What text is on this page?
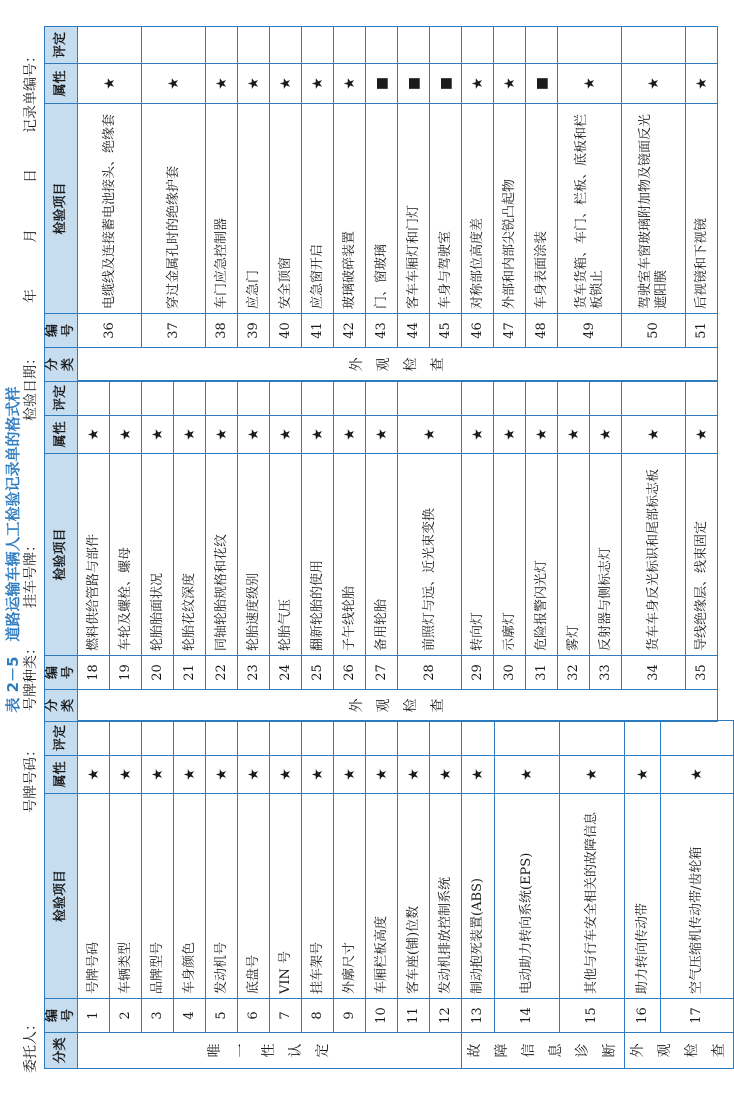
表 2－5　道路运输车辆人工检验记录单的格式样
委托人：
号牌号码：
号牌种类：
挂车号牌：
检验日期：
年
月
日
记录单编号：
分类	编号	检验项目	属性	评定
唯一性认定	1	号牌号码	★	
	2	车辆类型	★	
	3	品牌型号	★	
	4	车身颜色	★	
	5	发动机号	★	
	6	底盘号	★	
	7	VIN 号	★	
	8	挂车架号	★	
	9	外廓尺寸	★	
	10	车厢栏板高度	★	
	11	客车座(铺)位数	★	
	12	发动机排放控制系统	★	
故障信息诊断	13	制动抱死装置(ABS)	★	
	14	电动助力转向系统(EPS)	★	
	15	其他与行车安全相关的故障信息	★	
外观检查	16	助力转向传动带	★	
	17	空气压缩机传动带/齿轮箱	★	
分类	编号	检验项目	属性	评定
外观检查	18	燃料供给管路与部件	★	
	19	车轮及螺栓、螺母	★	
	20	轮胎胎面状况	★	
	21	轮胎花纹深度	★	
	22	同轴轮胎规格和花纹	★	
	23	轮胎速度级别	★	
	24	轮胎气压	★	
	25	翻新轮胎的使用	★	
	26	子午线轮胎	★	
	27	备用轮胎	★	
	28	前照灯与远、近光束变换	★	
	29	转向灯	★	
	30	示廓灯	★	
	31	危险报警闪光灯	★	
	32	雾灯	★	
	33	反射器与侧标志灯	★	
	34	货车车身反光标识和尾部标志板	★	
	35	导线绝缘层、线束固定	★	
分类	编号	检验项目	属性	评定
外观检查	36	电缆线及连接蓄电池接头、绝缘套	★	
	37	穿过金属孔时的绝缘护套	★	
	38	车门应急控制器	★	
	39	应急门	★	
	40	安全顶窗	★	
	41	应急窗开启	★	
	42	玻璃破碎装置	★	
	43	门、窗玻璃	■	
	44	客车车厢灯和门灯	■	
	45	车身与驾驶室	■	
	46	对称部位高度差	★	
	47	外部和内部尖锐凸起物	★	
	48	车身表面涂装	■	
	49	货车货箱、车门、栏板、底板和栏板锁止	★	
	50	驾驶室车窗玻璃附加物及镜面反光遮阳膜	★	
	51	后视镜和下视镜	★	
